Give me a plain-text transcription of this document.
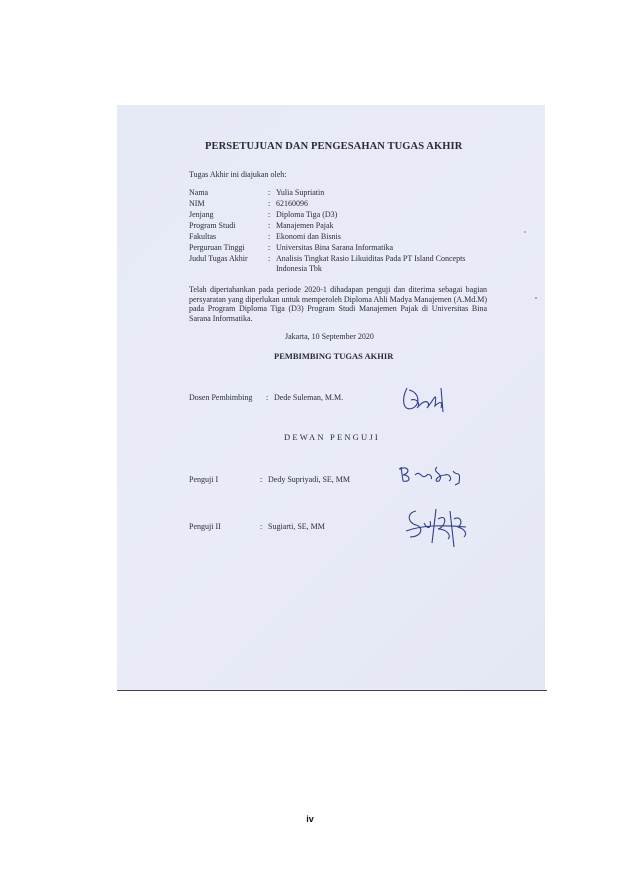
PERSETUJUAN DAN PENGESAHAN TUGAS AKHIR
Tugas Akhir ini diajukan oleh:
Nama	: Yulia Supriatin
NIM	: 62160096
Jenjang	: Diploma Tiga (D3)
Program Studi	: Manajemen Pajak
Fakultas	: Ekonomi dan Bisnis
Perguruan Tinggi	: Universitas Bina Sarana Informatika
Judul Tugas Akhir	: Analisis Tingkat Rasio Likuiditas Pada PT Island Concepts
Indonesia Tbk
Telah dipertahankan pada periode 2020-1 dihadapan penguji dan diterima sebagai bagian persyaratan yang diperlukan untuk memperoleh Diploma Ahli Madya Manajemen (A.Md.M) pada Program Diploma Tiga (D3) Program Studi Manajemen Pajak di Universitas Bina Sarana Informatika.
Jakarta, 10 September 2020
PEMBIMBING TUGAS AKHIR
Dosen Pembimbing : Dede Suleman, M.M.
DEWAN PENGUJI
Penguji I	: Dedy Supriyadi, SE, MM
Penguji II	: Sugiarti, SE, MM
iv
